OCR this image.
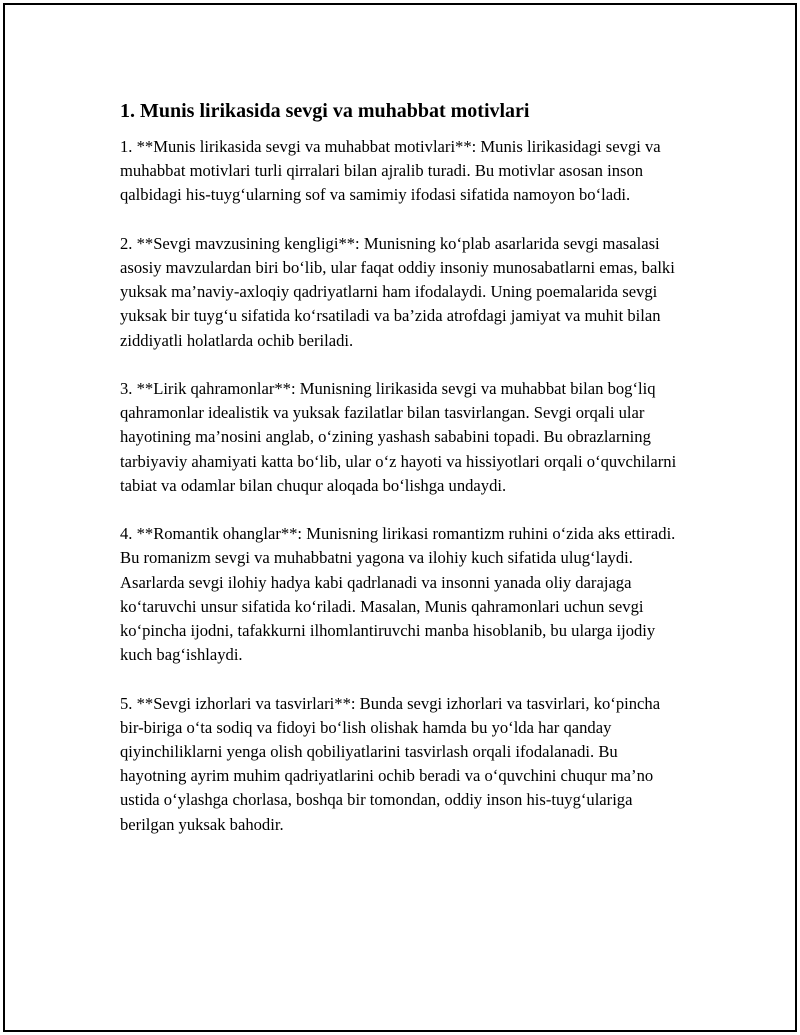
1. Munis lirikasida sevgi va muhabbat motivlari

1. **Munis lirikasida sevgi va muhabbat motivlari**: Munis lirikasidagi sevgi va muhabbat motivlari turli qirralari bilan ajralib turadi. Bu motivlar asosan inson qalbidagi his-tuyg‘ularning sof va samimiy ifodasi sifatida namoyon bo‘ladi.

2. **Sevgi mavzusining kengligi**: Munisning ko‘plab asarlarida sevgi masalasi asosiy mavzulardan biri bo‘lib, ular faqat oddiy insoniy munosabatlarni emas, balki yuksak ma’naviy-axloqiy qadriyatlarni ham ifodalaydi. Uning poemalarida sevgi yuksak bir tuyg‘u sifatida ko‘rsatiladi va ba’zida atrofdagi jamiyat va muhit bilan ziddiyatli holatlarda ochib beriladi.

3. **Lirik qahramonlar**: Munisning lirikasida sevgi va muhabbat bilan bog‘liq qahramonlar idealistik va yuksak fazilatlar bilan tasvirlangan. Sevgi orqali ular hayotining ma’nosini anglab, o‘zining yashash sababini topadi. Bu obrazlarning tarbiyaviy ahamiyati katta bo‘lib, ular o‘z hayoti va hissiyotlari orqali o‘quvchilarni tabiat va odamlar bilan chuqur aloqada bo‘lishga undaydi.

4. **Romantik ohanglar**: Munisning lirikasi romantizm ruhini o‘zida aks ettiradi. Bu romanizm sevgi va muhabbatni yagona va ilohiy kuch sifatida ulug‘laydi. Asarlarda sevgi ilohiy hadya kabi qadrlanadi va insonni yanada oliy darajaga ko‘taruvchi unsur sifatida ko‘riladi. Masalan, Munis qahramonlari uchun sevgi ko‘pincha ijodni, tafakkurni ilhomlantiruvchi manba hisoblanib, bu ularga ijodiy kuch bag‘ishlaydi.

5. **Sevgi izhorlari va tasvirlari**: Bunda sevgi izhorlari va tasvirlari, ko‘pincha bir-biriga o‘ta sodiq va fidoyi bo‘lish olishak hamda bu yo‘lda har qanday qiyinchiliklarni yenga olish qobiliyatlarini tasvirlash orqali ifodalanadi. Bu hayotning ayrim muhim qadriyatlarini ochib beradi va o‘quvchini chuqur ma’no ustida o‘ylashga chorlasa, boshqa bir tomondan, oddiy inson his-tuyg‘ulariga berilgan yuksak bahodir.
